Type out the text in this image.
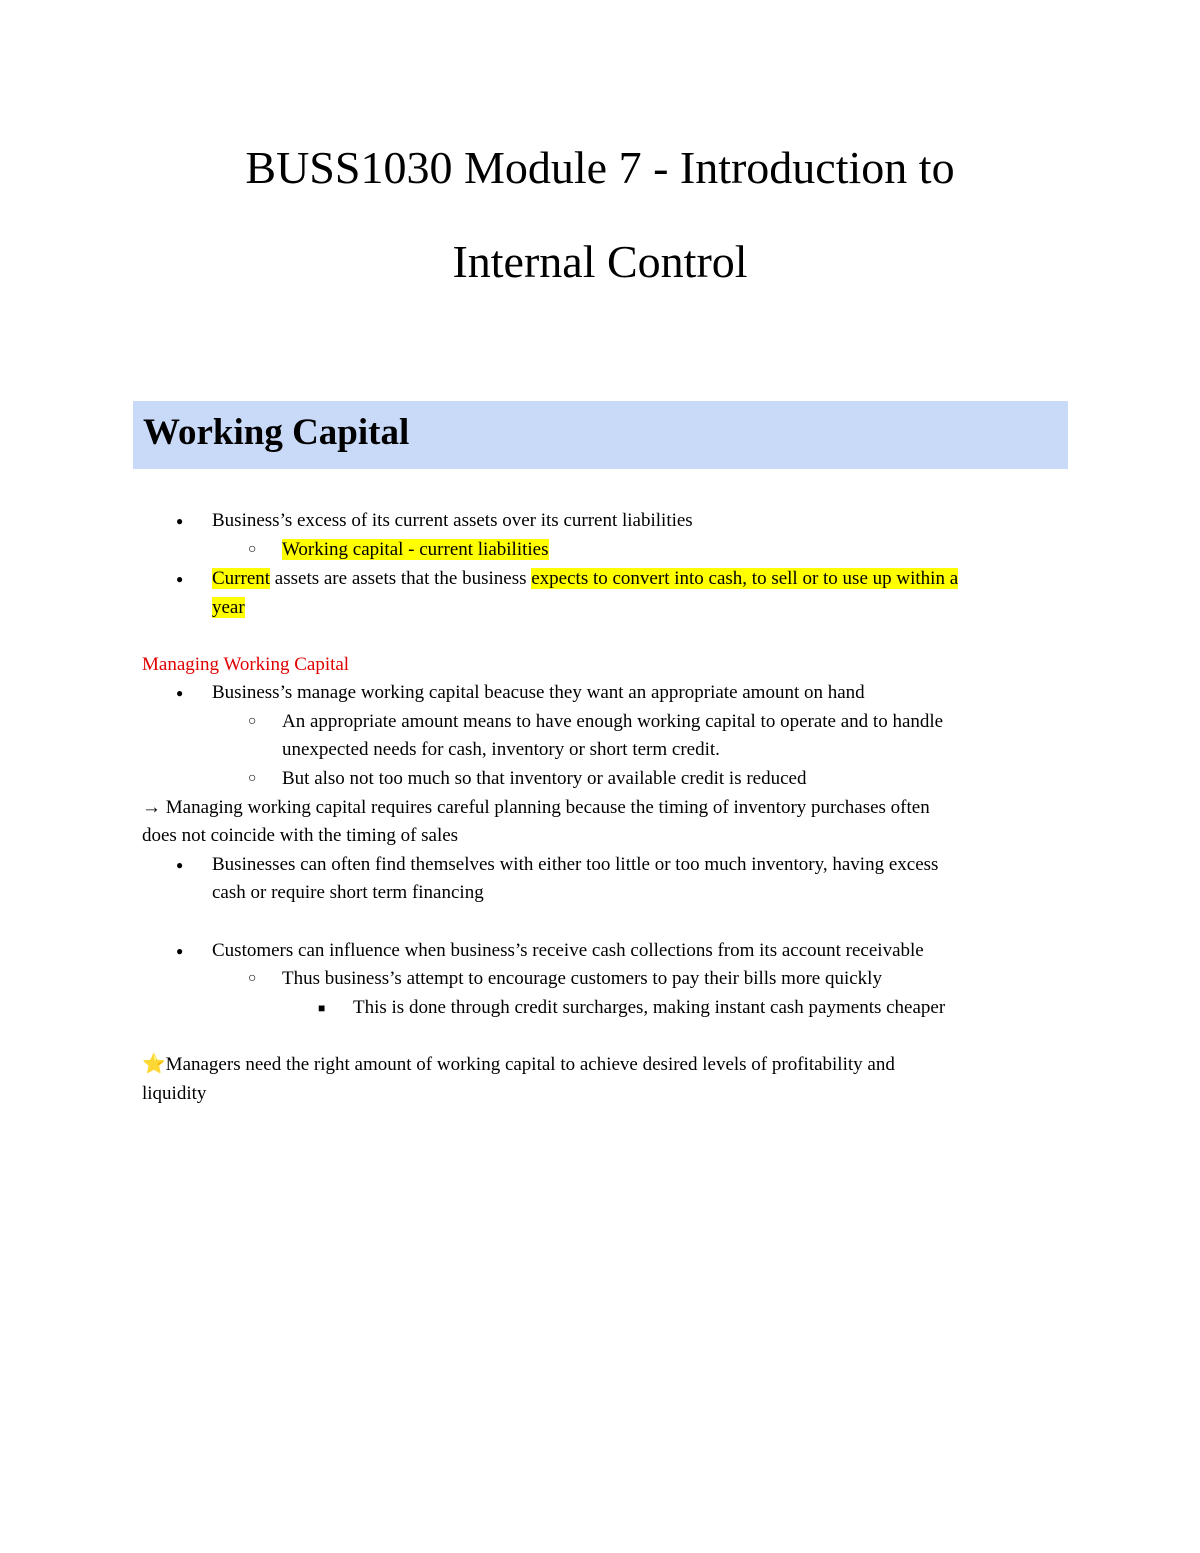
BUSS1030 Module 7 - Introduction to
Internal Control
Working Capital
● Business’s excess of its current assets over its current liabilities
○ Working capital - current liabilities
● Current assets are assets that the business expects to convert into cash, to sell or to use up within a
year
Managing Working Capital
● Business’s manage working capital beacuse they want an appropriate amount on hand
○ An appropriate amount means to have enough working capital to operate and to handle
unexpected needs for cash, inventory or short term credit.
○ But also not too much so that inventory or available credit is reduced
→ Managing working capital requires careful planning because the timing of inventory purchases often
does not coincide with the timing of sales
● Businesses can often find themselves with either too little or too much inventory, having excess
cash or require short term financing
● Customers can influence when business’s receive cash collections from its account receivable
○ Thus business’s attempt to encourage customers to pay their bills more quickly
■ This is done through credit surcharges, making instant cash payments cheaper
⭐Managers need the right amount of working capital to achieve desired levels of profitability and
liquidity
